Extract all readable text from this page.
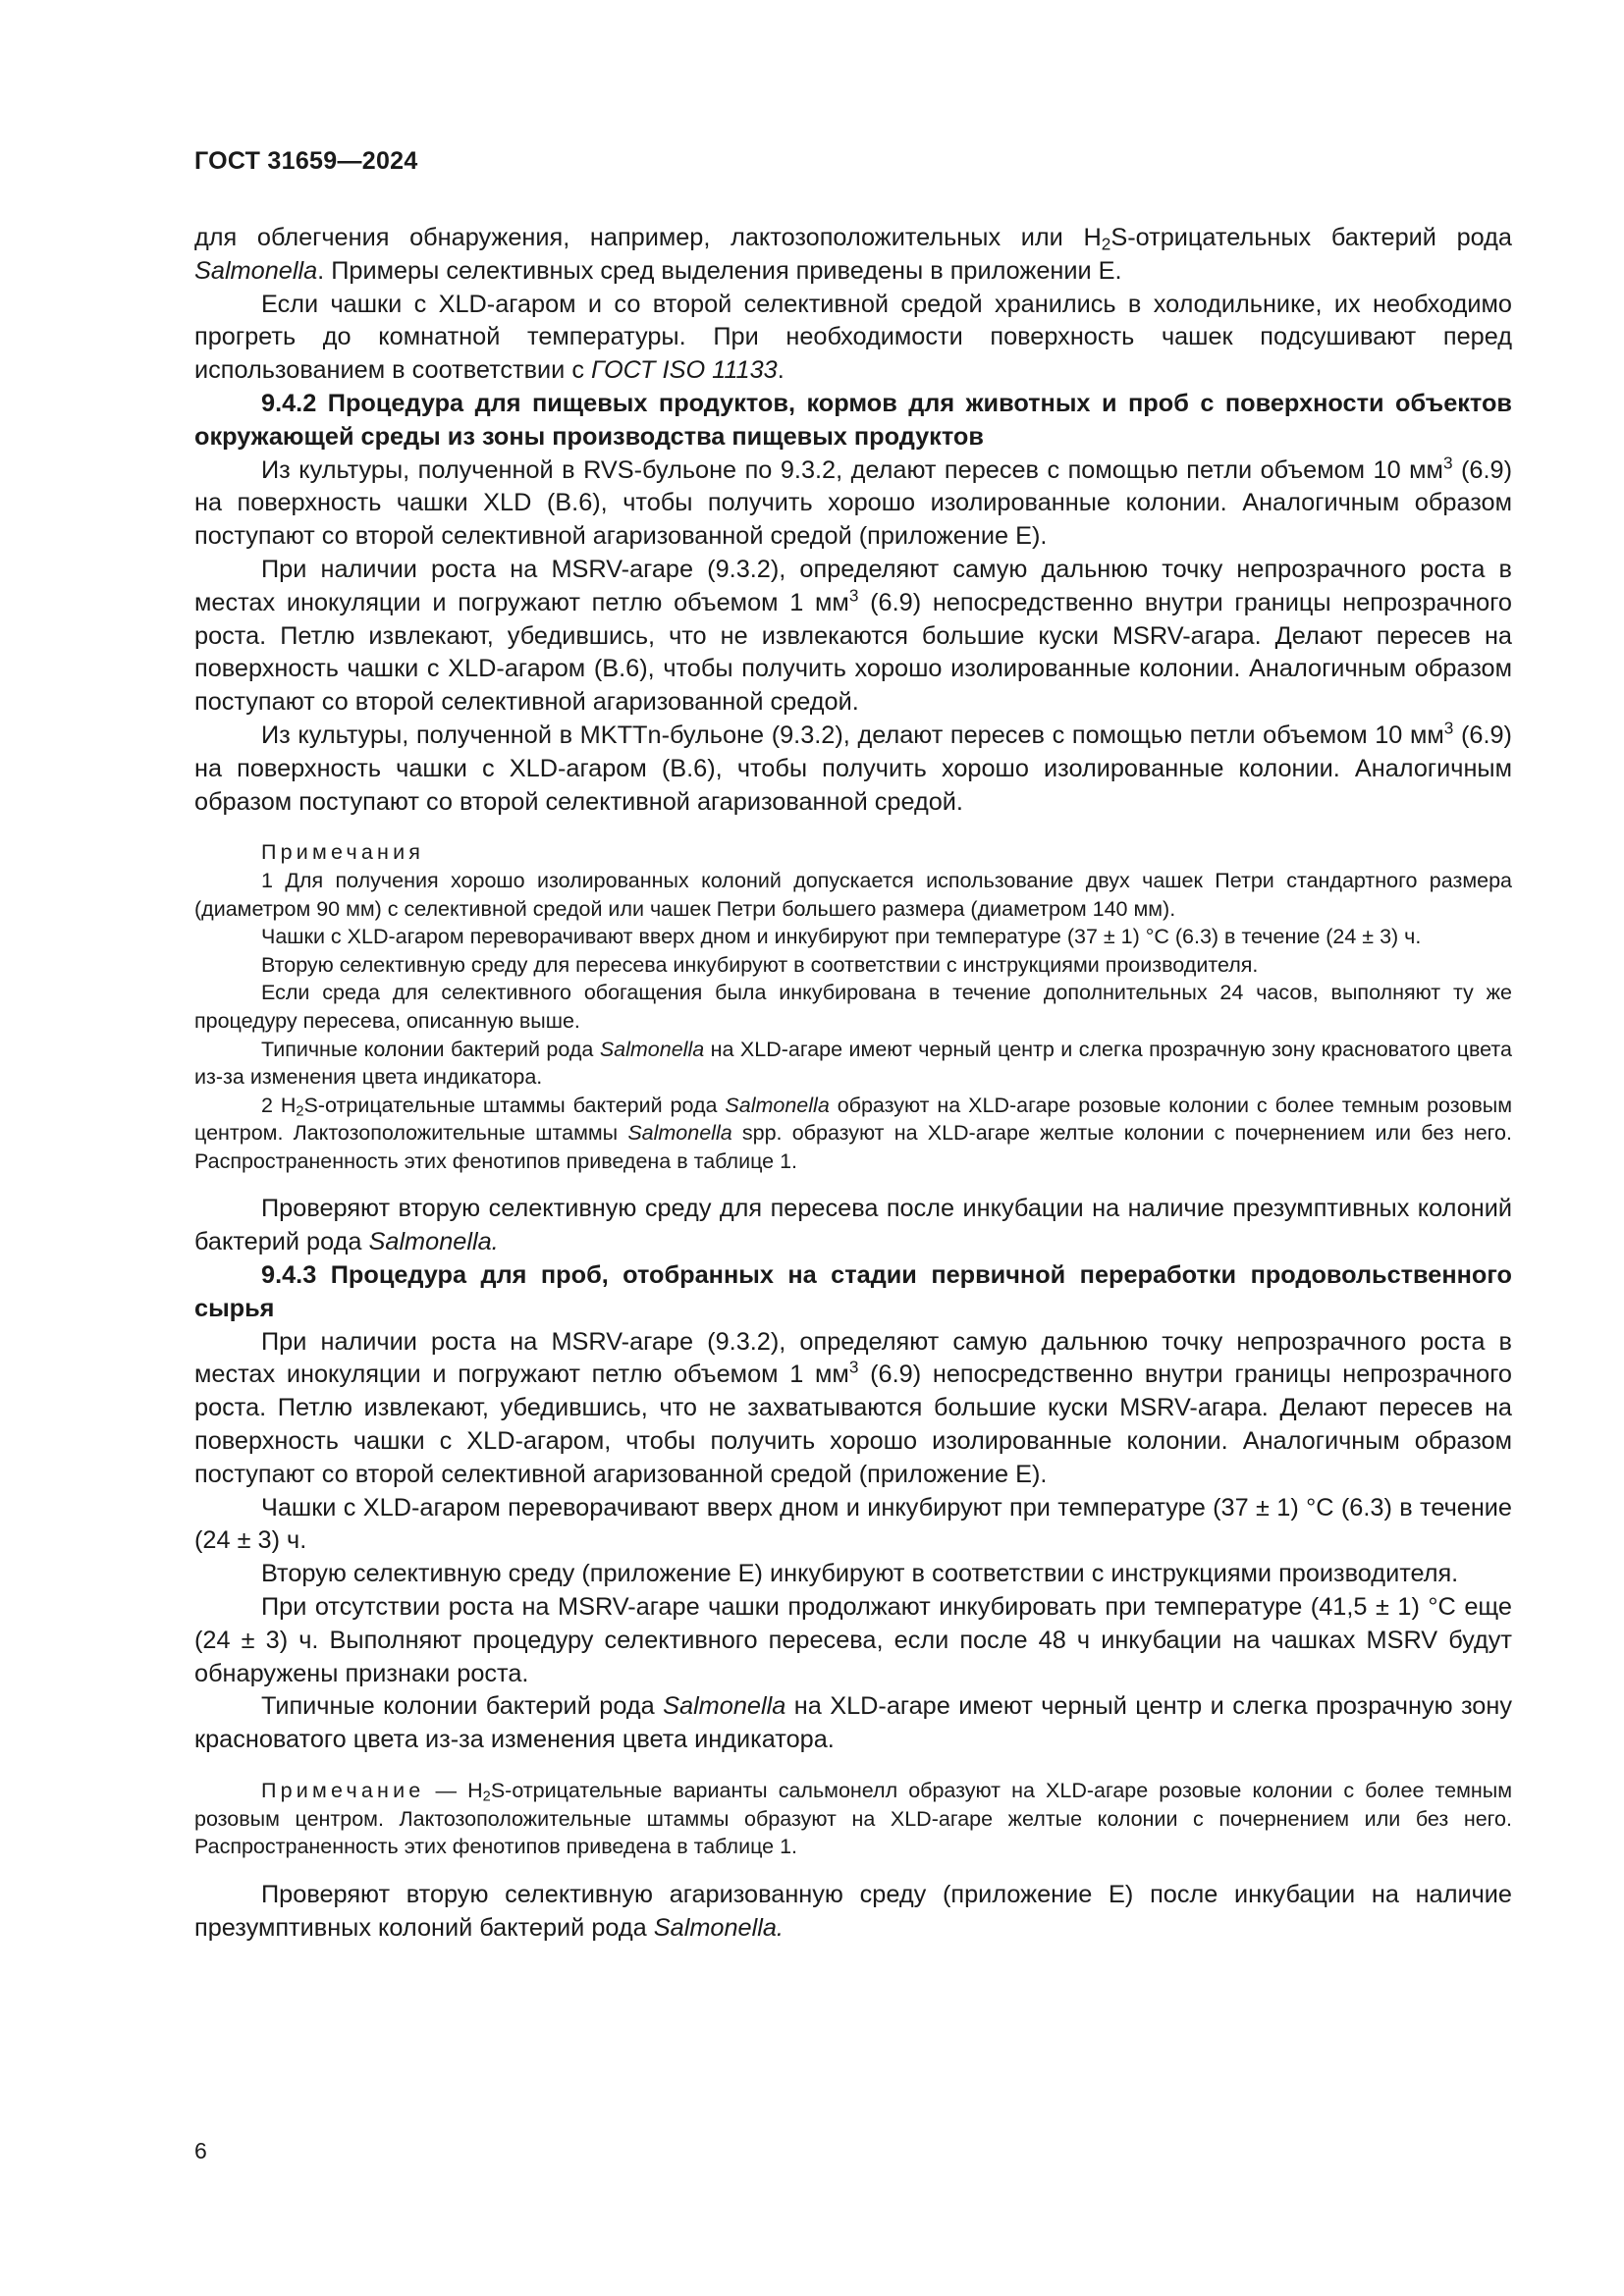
ГОСТ 31659—2024

для облегчения обнаружения, например, лактозоположительных или $H_2S$-отрицательных бактерий рода Salmonella. Примеры селективных сред выделения приведены в приложении Е.

Если чашки с XLD-агаром и со второй селективной средой хранились в холодильнике, их необходимо прогреть до комнатной температуры. При необходимости поверхность чашек подсушивают перед использованием в соответствии с ГОСТ ISO 11133.

9.4.2 Процедура для пищевых продуктов, кормов для животных и проб с поверхности объектов окружающей среды из зоны производства пищевых продуктов

Из культуры, полученной в RVS-бульоне по 9.3.2, делают пересев с помощью петли объемом 10 $мм^3$ (6.9) на поверхность чашки XLD (В.6), чтобы получить хорошо изолированные колонии. Аналогичным образом поступают со второй селективной агаризованной средой (приложение Е).

При наличии роста на MSRV-агаре (9.3.2), определяют самую дальнюю точку непрозрачного роста в местах инокуляции и погружают петлю объемом 1 $мм^3$ (6.9) непосредственно внутри границы непрозрачного роста. Петлю извлекают, убедившись, что не извлекаются большие куски MSRV-агара. Делают пересев на поверхность чашки с XLD-агаром (В.6), чтобы получить хорошо изолированные колонии. Аналогичным образом поступают со второй селективной агаризованной средой.

Из культуры, полученной в MKTTn-бульоне (9.3.2), делают пересев с помощью петли объемом 10 $мм^3$ (6.9) на поверхность чашки с XLD-агаром (В.6), чтобы получить хорошо изолированные колонии. Аналогичным образом поступают со второй селективной агаризованной средой.

Примечания

1 Для получения хорошо изолированных колоний допускается использование двух чашек Петри стандартного размера (диаметром 90 мм) с селективной средой или чашек Петри большего размера (диаметром 140 мм).

Чашки с XLD-агаром переворачивают вверх дном и инкубируют при температуре (37 ± 1) °C (6.3) в течение (24 ± 3) ч.

Вторую селективную среду для пересева инкубируют в соответствии с инструкциями производителя.

Если среда для селективного обогащения была инкубирована в течение дополнительных 24 часов, выполняют ту же процедуру пересева, описанную выше.

Типичные колонии бактерий рода Salmonella на XLD-агаре имеют черный центр и слегка прозрачную зону красноватого цвета из-за изменения цвета индикатора.

2 $H_2S$-отрицательные штаммы бактерий рода Salmonella образуют на XLD-агаре розовые колонии с более темным розовым центром. Лактозоположительные штаммы Salmonella spp. образуют на XLD-агаре желтые колонии с почернением или без него. Распространенность этих фенотипов приведена в таблице 1.

Проверяют вторую селективную среду для пересева после инкубации на наличие презумптивных колоний бактерий рода Salmonella.

9.4.3 Процедура для проб, отобранных на стадии первичной переработки продовольственного сырья

При наличии роста на MSRV-агаре (9.3.2), определяют самую дальнюю точку непрозрачного роста в местах инокуляции и погружают петлю объемом 1 $мм^3$ (6.9) непосредственно внутри границы непрозрачного роста. Петлю извлекают, убедившись, что не захватываются большие куски MSRV-агара. Делают пересев на поверхность чашки с XLD-агаром, чтобы получить хорошо изолированные колонии. Аналогичным образом поступают со второй селективной агаризованной средой (приложение Е).

Чашки с XLD-агаром переворачивают вверх дном и инкубируют при температуре (37 ± 1) °C (6.3) в течение (24 ± 3) ч.

Вторую селективную среду (приложение Е) инкубируют в соответствии с инструкциями производителя.

При отсутствии роста на MSRV-агаре чашки продолжают инкубировать при температуре (41,5 ± 1) °C еще (24 ± 3) ч. Выполняют процедуру селективного пересева, если после 48 ч инкубации на чашках MSRV будут обнаружены признаки роста.

Типичные колонии бактерий рода Salmonella на XLD-агаре имеют черный центр и слегка прозрачную зону красноватого цвета из-за изменения цвета индикатора.

Примечание — $H_2S$-отрицательные варианты сальмонелл образуют на XLD-агаре розовые колонии с более темным розовым центром. Лактозоположительные штаммы образуют на XLD-агаре желтые колонии с почернением или без него. Распространенность этих фенотипов приведена в таблице 1.

Проверяют вторую селективную агаризованную среду (приложение Е) после инкубации на наличие презумптивных колоний бактерий рода Salmonella.

6
